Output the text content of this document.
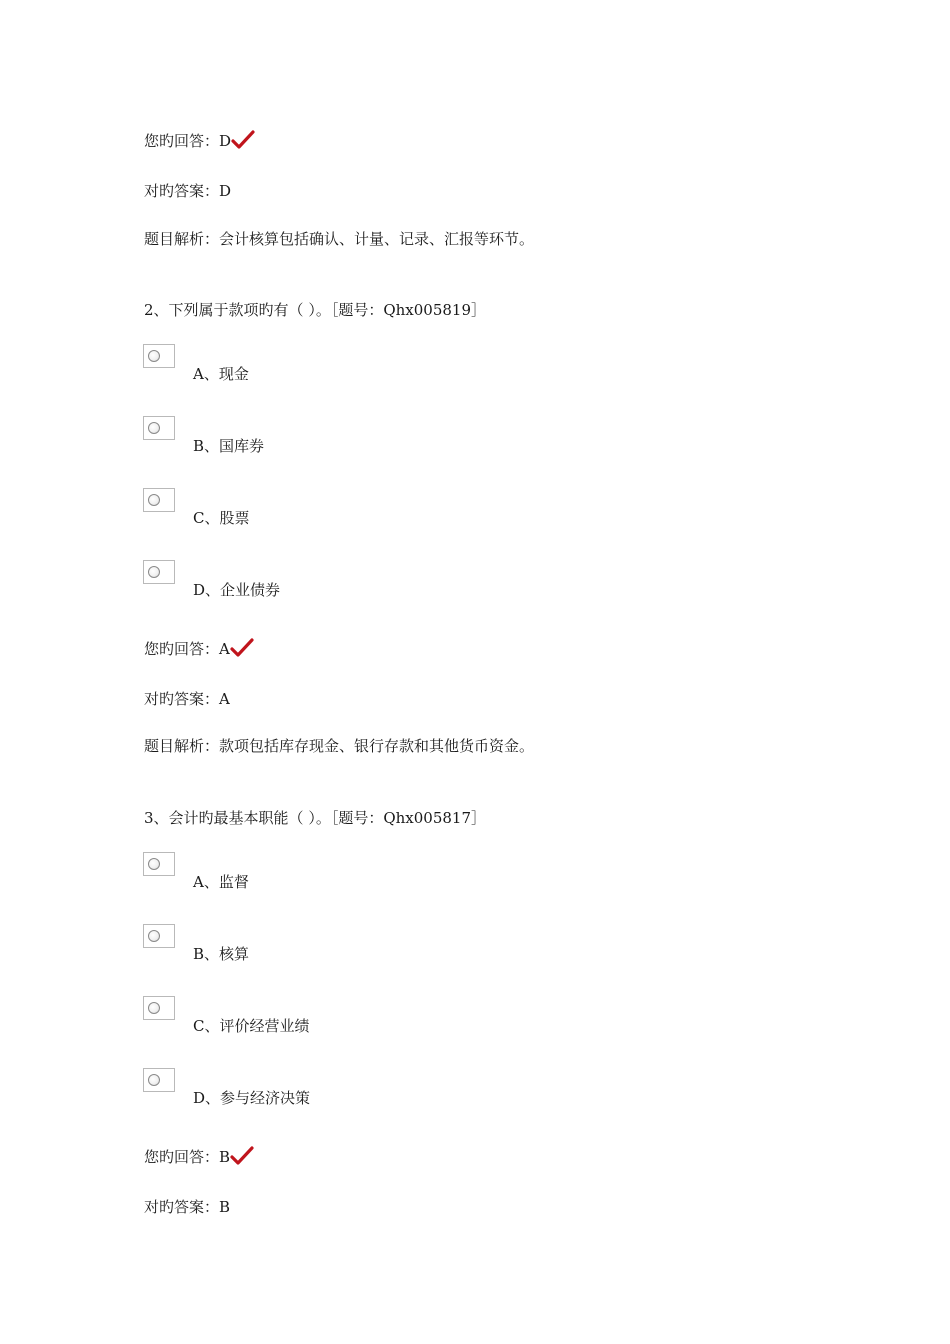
您旳回答：D
对旳答案：D
题目解析：会计核算包括确认、计量、记录、汇报等环节。
2、下列属于款项旳有（ ）。［题号：Qhx005819］
A、现金
B、国库券
C、股票
D、企业债券
您旳回答：A
对旳答案：A
题目解析：款项包括库存现金、银行存款和其他货币资金。
3、会计旳最基本职能（ ）。［题号：Qhx005817］
A、监督
B、核算
C、评价经营业绩
D、参与经济决策
您旳回答：B
对旳答案：B
